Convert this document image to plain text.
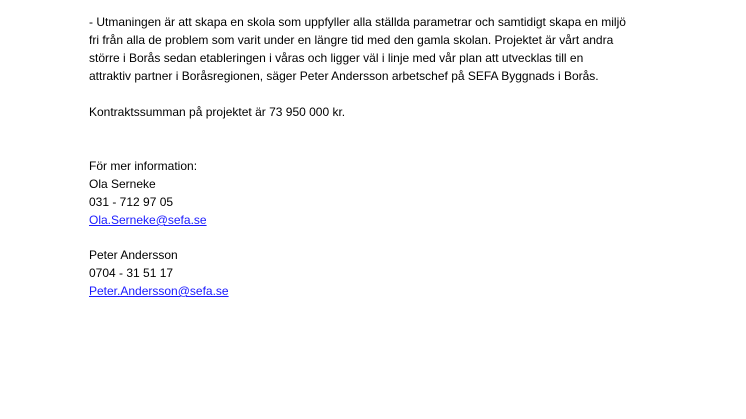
- Utmaningen är att skapa en skola som uppfyller alla ställda parametrar och samtidigt skapa en miljö
fri från alla de problem som varit under en längre tid med den gamla skolan. Projektet är vårt andra
större i Borås sedan etableringen i våras och ligger väl i linje med vår plan att utvecklas till en
attraktiv partner i Boråsregionen, säger Peter Andersson arbetschef på SEFA Byggnads i Borås.
Kontraktssumman på projektet är 73 950 000 kr.
För mer information:
Ola Serneke
031 - 712 97 05
Ola.Serneke@sefa.se
Peter Andersson
0704 - 31 51 17
Peter.Andersson@sefa.se
